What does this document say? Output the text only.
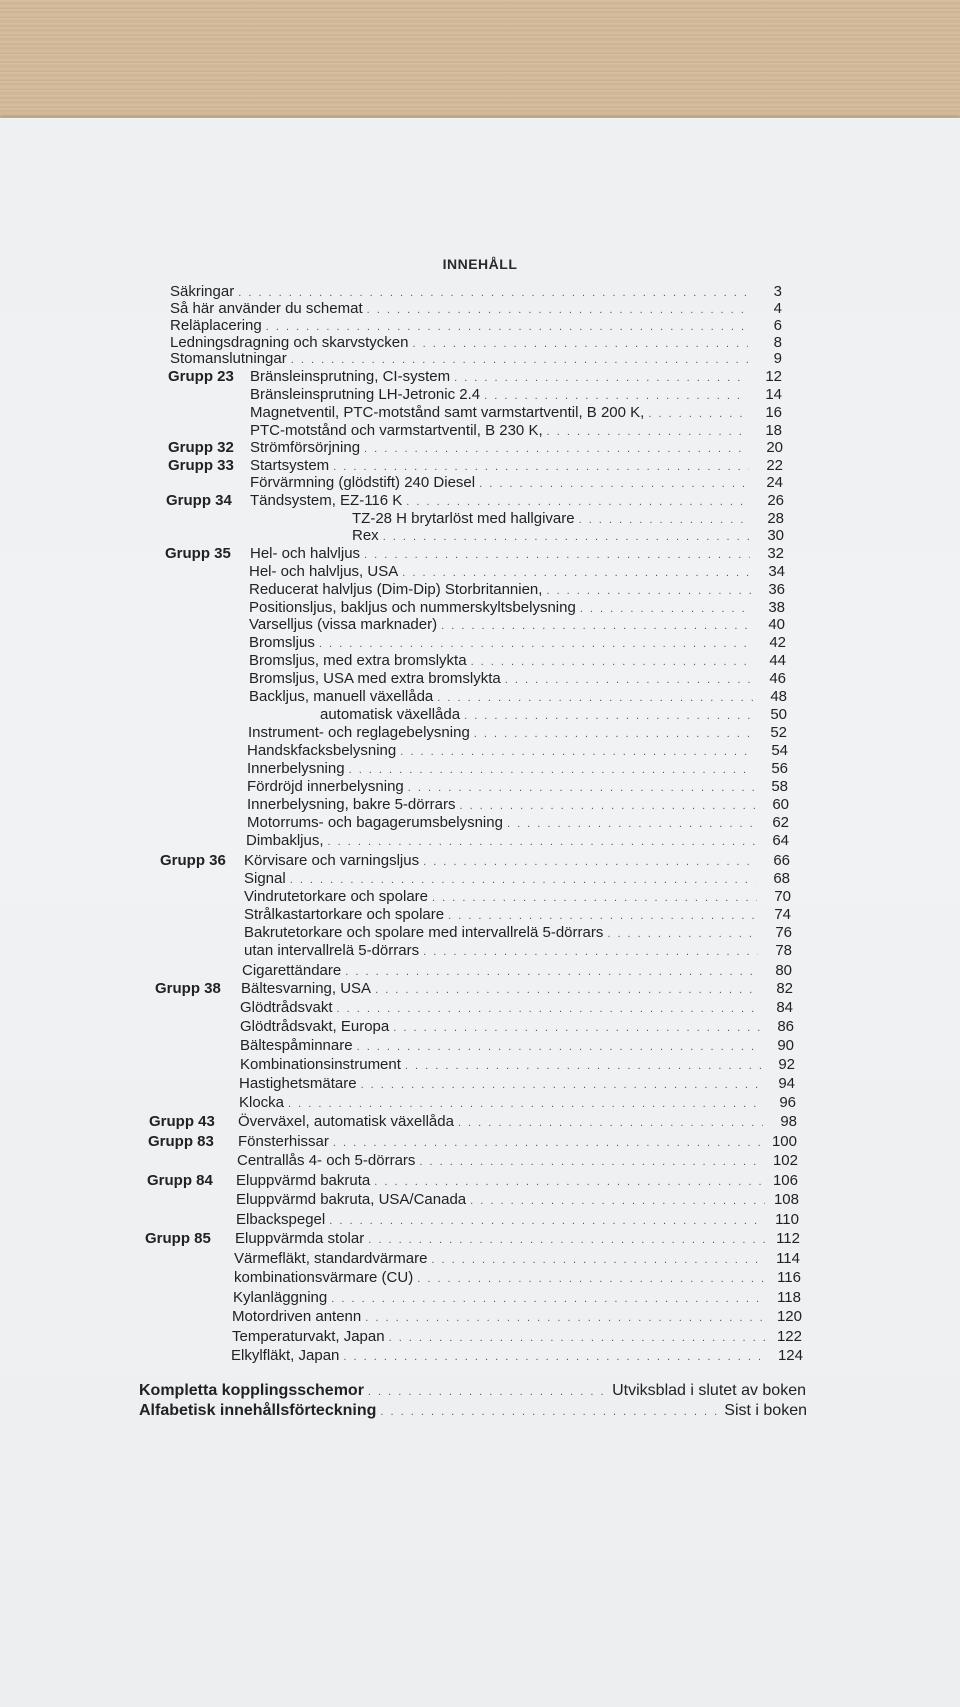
INNEHÅLL
Säkringar . . .	3
Så här använder du schemat . . .	4
Reläplacering . . .	6
Ledningsdragning och skarvstycken . . .	8
Stomanslutningar . . .	9
Grupp 23 Bränsleinsprutning, CI-system . . .	12
Bränsleinsprutning LH-Jetronic 2.4 . . .	14
Magnetventil, PTC-motstånd samt varmstartventil, B 200 K, . . .	16
PTC-motstånd och varmstartventil, B 230 K, . . .	18
Grupp 32 Strömförsörjning . . .	20
Grupp 33 Startsystem . . .	22
Förvärmning (glödstift) 240 Diesel . . .	24
Grupp 34 Tändsystem, EZ-116 K . . .	26
TZ-28 H brytarlöst med hallgivare . . .	28
Rex . . .	30
Grupp 35 Hel- och halvljus . . .	32
Hel- och halvljus, USA . . .	34
Reducerat halvljus (Dim-Dip) Storbritannien, . . .	36
Positionsljus, bakljus och nummerskyltsbelysning . . .	38
Varselljus (vissa marknader) . . .	40
Bromsljus . . .	42
Bromsljus, med extra bromslykta . . .	44
Bromsljus, USA med extra bromslykta . . .	46
Backljus, manuell växellåda . . .	48
automatisk växellåda . . .	50
Instrument- och reglagebelysning . . .	52
Handskfacksbelysning . . .	54
Innerbelysning . . .	56
Fördröjd innerbelysning . . .	58
Innerbelysning, bakre 5-dörrars . . .	60
Motorrums- och bagagerumsbelysning . . .	62
Dimbakljus, . . .	64
Grupp 36 Körvisare och varningsljus . . .	66
Signal . . .	68
Vindrutetorkare och spolare . . .	70
Strålkastartorkare och spolare . . .	74
Bakrutetorkare och spolare med intervallrelä 5-dörrars . . .	76
utan intervallrelä 5-dörrars . . .	78
Cigarettändare . . .	80
Grupp 38 Bältesvarning, USA . . .	82
Glödtrådsvakt . . .	84
Glödtrådsvakt, Europa . . .	86
Bältespåminnare . . .	90
Kombinationsinstrument . . .	92
Hastighetsmätare . . .	94
Klocka . . .	96
Grupp 43 Överväxel, automatisk växellåda . . .	98
Grupp 83 Fönsterhissar . . .	100
Centrallås 4- och 5-dörrars . . .	102
Grupp 84 Eluppvärmd bakruta . . .	106
Eluppvärmd bakruta, USA/Canada . . .	108
Elbackspegel . . .	110
Grupp 85 Eluppvärmda stolar . . .	112
Värmefläkt, standardvärmare . . .	114
kombinationsvärmare (CU) . . .	116
Kylanläggning . . .	118
Motordriven antenn . . .	120
Temperaturvakt, Japan . . .	122
Elkylfläkt, Japan . . .	124
Kompletta kopplingsschemor . . .	Utviksblad i slutet av boken
Alfabetisk innehållsförteckning . . .	Sist i boken
